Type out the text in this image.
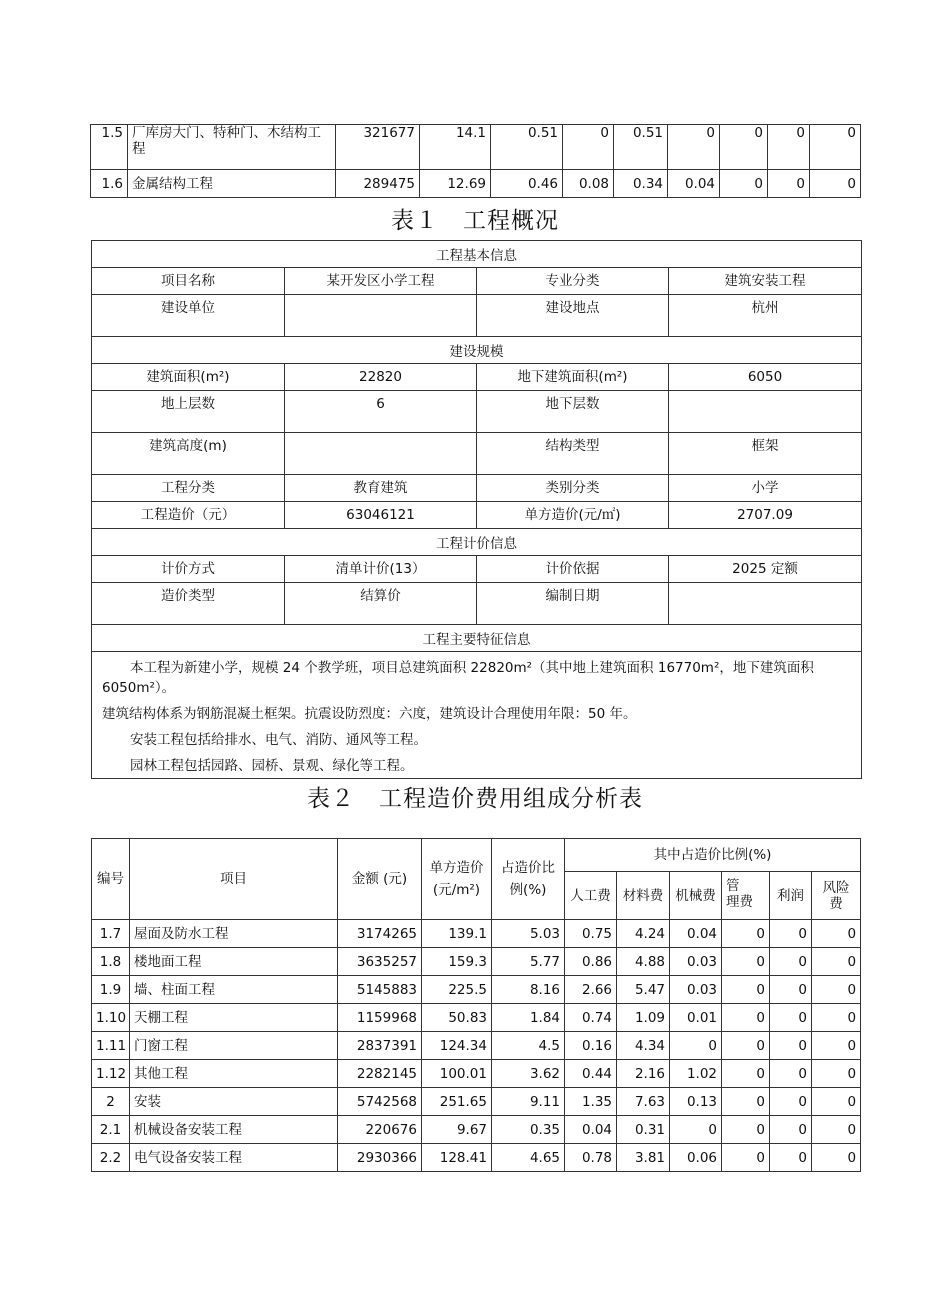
1.5	厂库房大门、特种门、木结构工程	321677	14.1	0.51	0	0.51	0	0	0	0
1.6	金属结构工程	289475	12.69	0.46	0.08	0.34	0.04	0	0	0
表１　工程概况
工程基本信息			
项目名称	某开发区小学工程	专业分类	建筑安装工程
建设单位		建设地点	杭州
建设规模			
建筑面积(m²)	22820	地下建筑面积(m²)	6050
地上层数	6	地下层数	
建筑高度(m)		结构类型	框架
工程分类	教育建筑	类别分类	小学
工程造价（元）	63046121	单方造价(元/㎡)	2707.09
工程计价信息			
计价方式	清单计价(13）	计价依据	2025 定额
造价类型	结算价	编制日期	
工程主要特征信息			
本工程为新建小学，规模 24 个教学班，项目总建筑面积 22820m²（其中地上建筑面积 16770m²，地下建筑面积 6050m²）。			
建筑结构体系为钢筋混凝土框架。抗震设防烈度：六度，建筑设计合理使用年限：50 年。			
安装工程包括给排水、电气、消防、通风等工程。			
园林工程包括园路、园桥、景观、绿化等工程。			
表２　工程造价费用组成分析表
编号	项目	金额 (元)	单方造价(元/m²)	占造价比例(%)	其中占造价比例(%)					
					人工费	材料费	机械费	管　理费	利润	风险费
1.7	屋面及防水工程	3174265	139.1	5.03	0.75	4.24	0.04	0	0	0
1.8	楼地面工程	3635257	159.3	5.77	0.86	4.88	0.03	0	0	0
1.9	墙、柱面工程	5145883	225.5	8.16	2.66	5.47	0.03	0	0	0
1.10	天棚工程	1159968	50.83	1.84	0.74	1.09	0.01	0	0	0
1.11	门窗工程	2837391	124.34	4.5	0.16	4.34	0	0	0	0
1.12	其他工程	2282145	100.01	3.62	0.44	2.16	1.02	0	0	0
2	安装	5742568	251.65	9.11	1.35	7.63	0.13	0	0	0
2.1	机械设备安装工程	220676	9.67	0.35	0.04	0.31	0	0	0	0
2.2	电气设备安装工程	2930366	128.41	4.65	0.78	3.81	0.06	0	0	0
